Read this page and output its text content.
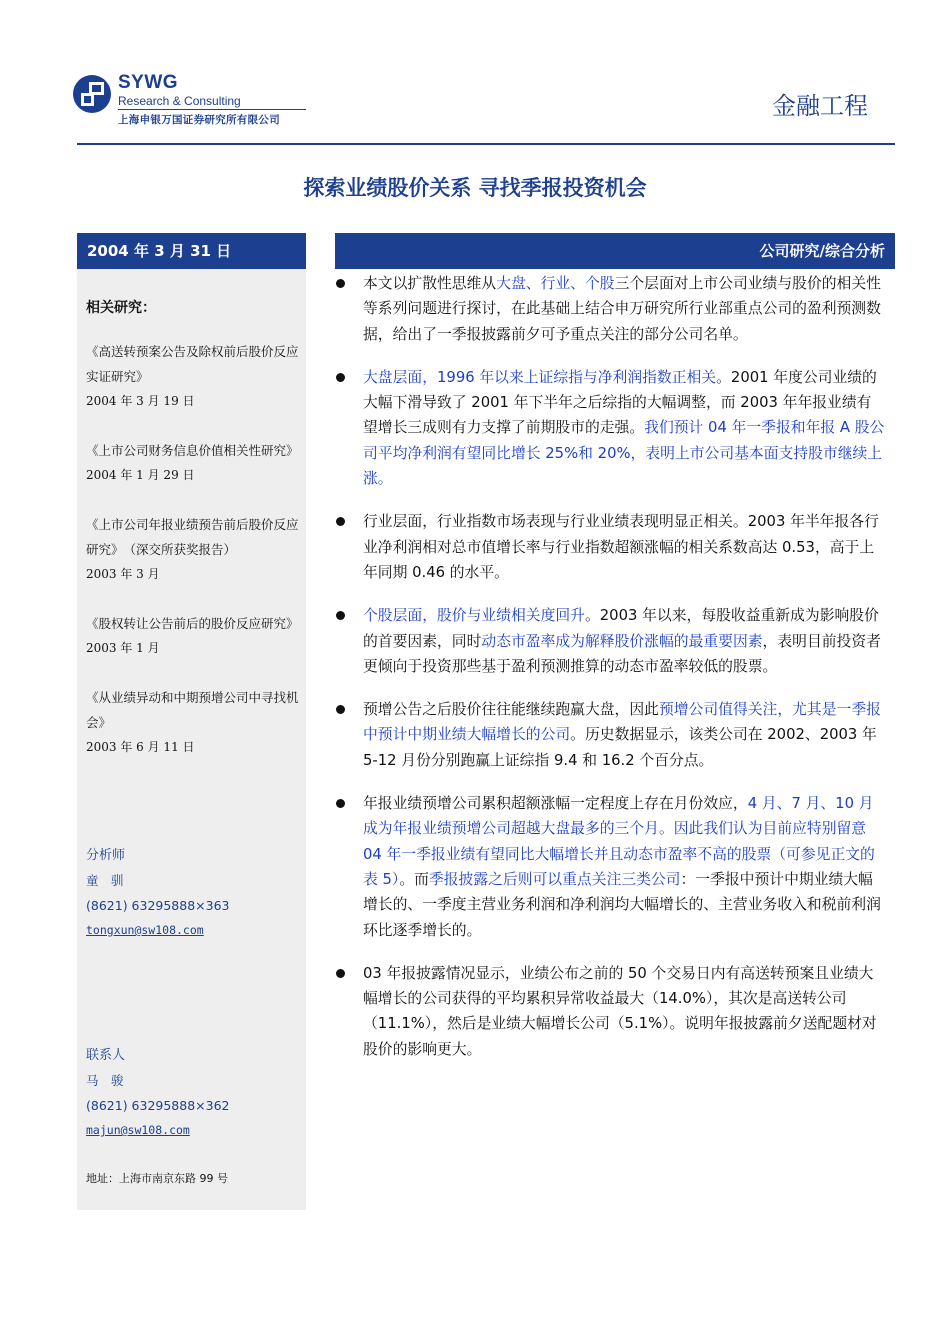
SYWG
Research & Consulting
上海申银万国证券研究所有限公司	金融工程
探索业绩股价关系 寻找季报投资机会
2004 年 3 月 31 日	公司研究/综合分析
相关研究：
《高送转预案公告及除权前后股价反应实证研究》
2004 年 3 月 19 日
《上市公司财务信息价值相关性研究》
2004 年 1 月 29 日
《上市公司年报业绩预告前后股价反应研究》　（深交所获奖报告）
2003 年 3 月
《股权转让公告前后的股价反应研究》
2003 年 1 月
《从业绩异动和中期预增公司中寻找机会》
2003 年 6 月 11 日
分析师
童　驯
(8621) 63295888×363
tongxun@sw108.com
联系人
马　骏
(8621) 63295888×362
majun@sw108.com
地址：上海市南京东路 99 号
本文以扩散性思维从大盘、行业、个股三个层面对上市公司业绩与股价的相关性等系列问题进行探讨，在此基础上结合申万研究所行业部重点公司的盈利预测数据，给出了一季报披露前夕可予重点关注的部分公司名单。
大盘层面，1996 年以来上证综指与净利润指数正相关。2001 年度公司业绩的大幅下滑导致了 2001 年下半年之后综指的大幅调整，而 2003 年年报业绩有望增长三成则有力支撑了前期股市的走强。我们预计 04 年一季报和年报 A 股公司平均净利润有望同比增长 25%和 20%，表明上市公司基本面支持股市继续上涨。
行业层面，行业指数市场表现与行业业绩表现明显正相关。2003 年半年报各行业净利润相对总市值增长率与行业指数超额涨幅的相关系数高达 0.53，高于上年同期 0.46 的水平。
个股层面，股价与业绩相关度回升。2003 年以来，每股收益重新成为影响股价的首要因素，同时动态市盈率成为解释股价涨幅的最重要因素，表明目前投资者更倾向于投资那些基于盈利预测推算的动态市盈率较低的股票。
预增公告之后股价往往能继续跑赢大盘，因此预增公司值得关注，尤其是一季报中预计中期业绩大幅增长的公司。历史数据显示，该类公司在 2002、2003 年 5-12 月份分别跑赢上证综指 9.4 和 16.2 个百分点。
年报业绩预增公司累积超额涨幅一定程度上存在月份效应，4 月、7 月、10 月成为年报业绩预增公司超越大盘最多的三个月。因此我们认为目前应特别留意 04 年一季报业绩有望同比大幅增长并且动态市盈率不高的股票（可参见正文的表 5）。而季报披露之后则可以重点关注三类公司：一季报中预计中期业绩大幅增长的、一季度主营业务利润和净利润均大幅增长的、主营业务收入和税前利润环比逐季增长的。
03 年报披露情况显示，业绩公布之前的 50 个交易日内有高送转预案且业绩大幅增长的公司获得的平均累积异常收益最大（14.0%），其次是高送转公司（11.1%），然后是业绩大幅增长公司（5.1%）。说明年报披露前夕送配题材对股价的影响更大。
